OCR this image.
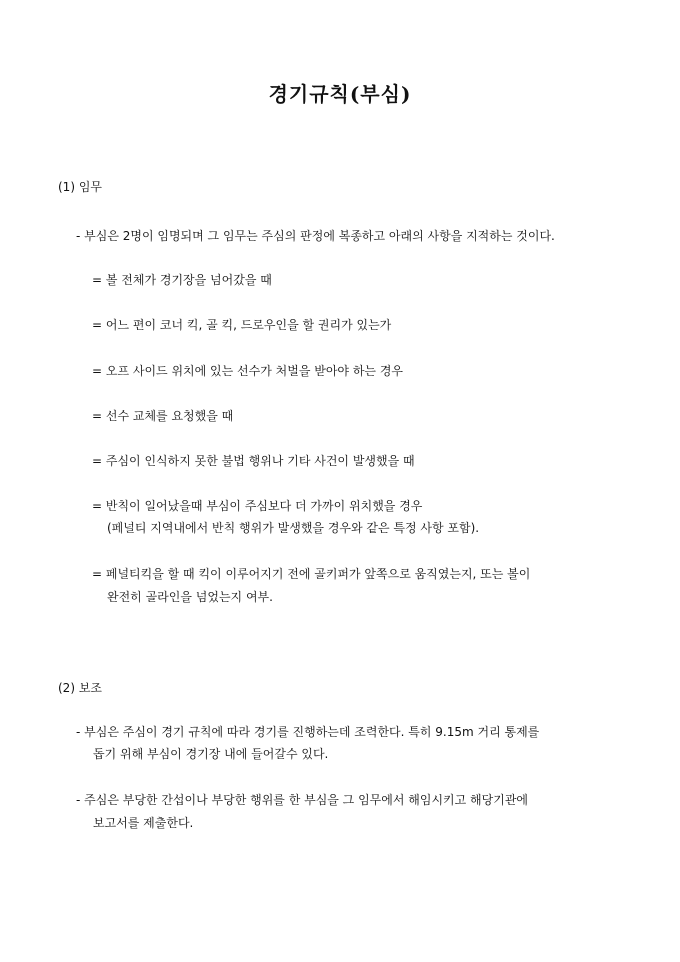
경기규칙(부심)
(1) 임무
- 부심은 2명이 임명되며 그 임무는 주심의 판정에 복종하고 아래의 사항을 지적하는 것이다.
= 볼 전체가 경기장을 넘어갔을 때
= 어느 편이 코너 킥, 골 킥, 드로우인을 할 권리가 있는가
= 오프 사이드 위치에 있는 선수가 처벌을 받아야 하는 경우
= 선수 교체를 요청했을 때
= 주심이 인식하지 못한 불법 행위나 기타 사건이 발생했을 때
= 반칙이 일어났을때 부심이 주심보다 더 가까이 위치했을 경우
(페널티 지역내에서 반칙 행위가 발생했을 경우와 같은 특정 사항 포함).
= 페널티킥을 할 때 킥이 이루어지기 전에 골키퍼가 앞쪽으로 움직였는지, 또는 볼이
완전히 골라인을 넘었는지 여부.
(2) 보조
- 부심은 주심이 경기 규칙에 따라 경기를 진행하는데 조력한다. 특히 9.15m 거리 통제를
돕기 위해 부심이 경기장 내에 들어갈수 있다.
- 주심은 부당한 간섭이나 부당한 행위를 한 부심을 그 임무에서 해임시키고 해당기관에
보고서를 제출한다.
